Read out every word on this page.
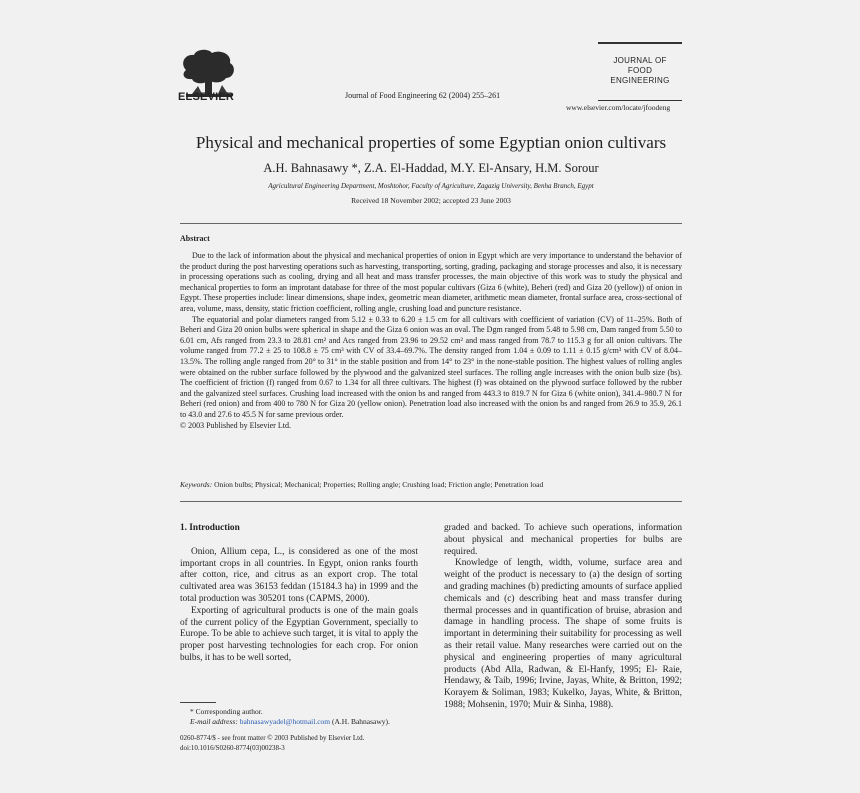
ELSEVIER	Journal of Food Engineering 62 (2004) 255–261
JOURNAL OF
FOOD
ENGINEERING
www.elsevier.com/locate/jfoodeng
Physical and mechanical properties of some Egyptian onion cultivars
A.H. Bahnasawy *, Z.A. El-Haddad, M.Y. El-Ansary, H.M. Sorour
Agricultural Engineering Department, Moshtohor, Faculty of Agriculture, Zagazig University, Benha Branch, Egypt
Received 18 November 2002; accepted 23 June 2003
Abstract

Due to the lack of information about the physical and mechanical properties of onion in Egypt which are very importance to understand the behavior of the product during the post harvesting operations such as harvesting, transporting, sorting, grading, packaging and storage processes and also, it is necessary in processing operations such as cooling, drying and all heat and mass transfer processes, the main objective of this work was to study the physical and mechanical properties to form an improtant database for three of the most popular cultivars (Giza 6 (white), Beheri (red) and Giza 20 (yellow)) of onion in Egypt. These properties include: linear dimensions, shape index, geometric mean diameter, arithmetic mean diameter, frontal surface area, cross-sectional of area, volume, mass, density, static friction coefficient, rolling angle, crushing load and puncture resistance.

The equatorial and polar diameters ranged from 5.12 ± 0.33 to 6.20 ± 1.5 cm for all cultivars with coefficient of variation (CV) of 11–25%. Both of Beheri and Giza 20 onion bulbs were spherical in shape and the Giza 6 onion was an oval. The Dgm ranged from 5.48 to 5.98 cm, Dam ranged from 5.50 to 6.01 cm, Afs ranged from 23.3 to 28.81 cm² and Acs ranged from 23.96 to 29.52 cm² and mass ranged from 78.7 to 115.3 g for all onion cultivars. The volume ranged from 77.2 ± 25 to 108.8 ± 75 cm³ with CV of 33.4–69.7%. The density ranged from 1.04 ± 0.09 to 1.11 ± 0.15 g/cm³ with CV of 8.04–13.5%. The rolling angle ranged from 20° to 31° in the stable position and from 14° to 23° in the none-stable position. The highest values of rolling angles were obtained on the rubber surface followed by the plywood and the galvanized steel surfaces. The rolling angle increases with the onion bulb size (bs). The coefficient of friction (f) ranged from 0.67 to 1.34 for all three cultivars. The highest (f) was obtained on the plywood surface followed by the rubber and the galvanized steel surfaces. Crushing load increased with the onion bs and ranged from 443.3 to 819.7 N for Giza 6 (white onion), 341.4–980.7 N for Beheri (red onion) and from 400 to 780 N for Giza 20 (yellow onion). Penetration load also increased with the onion bs and ranged from 26.9 to 35.9, 26.1 to 43.0 and 27.6 to 45.5 N for same previous order.

© 2003 Published by Elsevier Ltd.

Keywords: Onion bulbs; Physical; Mechanical; Properties; Rolling angle; Crushing load; Friction angle; Penetration load
1. Introduction

Onion, Allium cepa, L., is considered as one of the most important crops in all countries. In Egypt, onion ranks fourth after cotton, rice, and citrus as an export crop. The total cultivated area was 36153 feddan (15184.3 ha) in 1999 and the total production was 305201 tons (CAPMS, 2000).

Exporting of agricultural products is one of the main goals of the current policy of the Egyptian Government, specially to Europe. To be able to achieve such target, it is vital to apply the proper post harvesting technologies for each crop. For onion bulbs, it has to be well sorted,

graded and backed. To achieve such operations, information about physical and mechanical properties for bulbs are required.

Knowledge of length, width, volume, surface area and weight of the product is necessary to (a) the design of sorting and grading machines (b) predicting amounts of surface applied chemicals and (c) describing heat and mass transfer during thermal processes and in quantification of bruise, abrasion and damage in handling process. The shape of some fruits is important in determining their suitability for processing as well as their retail value. Many researches were carried out on the physical and engineering properties of many agricultural products (Abd Alla, Radwan, & El-Hanfy, 1995; El- Raie, Hendawy, & Taib, 1996; Irvine, Jayas, White, & Britton, 1992; Korayem & Soliman, 1983; Kukelko, Jayas, White, & Britton, 1988; Mohsenin, 1970; Muir & Sinha, 1988).

* Corresponding author.
E-mail address: bahnasawyadel@hotmail.com (A.H. Bahnasawy).
0260-8774/$ - see front matter © 2003 Published by Elsevier Ltd.
doi:10.1016/S0260-8774(03)00238-3
